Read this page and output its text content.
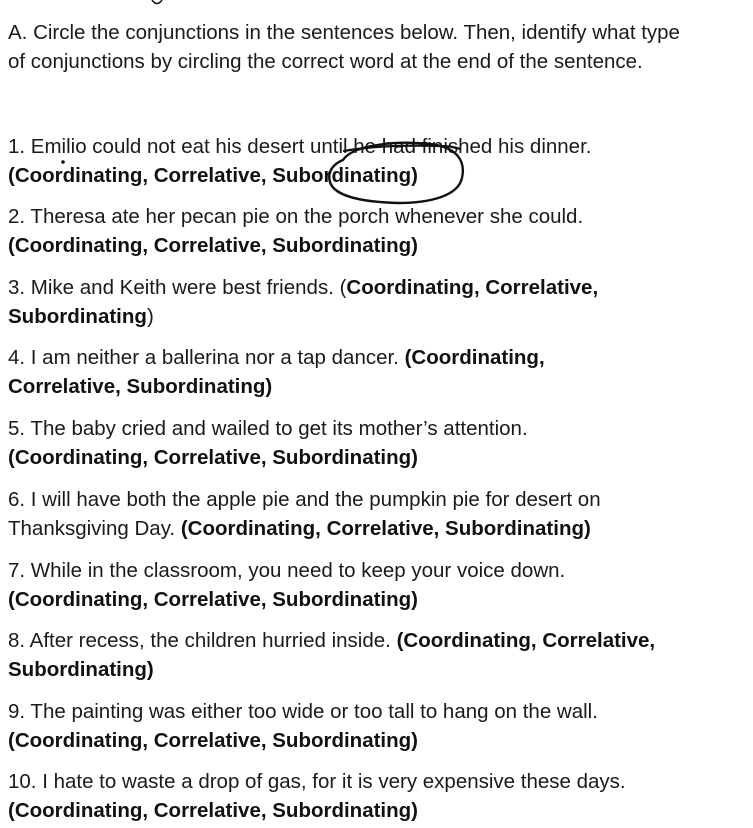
A. Circle the conjunctions in the sentences below. Then, identify what type
of conjunctions by circling the correct word at the end of the sentence.
1. Emilio could not eat his desert until he had finished his dinner.
(Coordinating, Correlative, Subordinating)
2. Theresa ate her pecan pie on the porch whenever she could.
(Coordinating, Correlative, Subordinating)
3. Mike and Keith were best friends. (Coordinating, Correlative,
Subordinating)
4. I am neither a ballerina nor a tap dancer. (Coordinating,
Correlative, Subordinating)
5. The baby cried and wailed to get its mother’s attention.
(Coordinating, Correlative, Subordinating)
6. I will have both the apple pie and the pumpkin pie for desert on
Thanksgiving Day. (Coordinating, Correlative, Subordinating)
7. While in the classroom, you need to keep your voice down.
(Coordinating, Correlative, Subordinating)
8. After recess, the children hurried inside. (Coordinating, Correlative,
Subordinating)
9. The painting was either too wide or too tall to hang on the wall.
(Coordinating, Correlative, Subordinating)
10. I hate to waste a drop of gas, for it is very expensive these days.
(Coordinating, Correlative, Subordinating)
